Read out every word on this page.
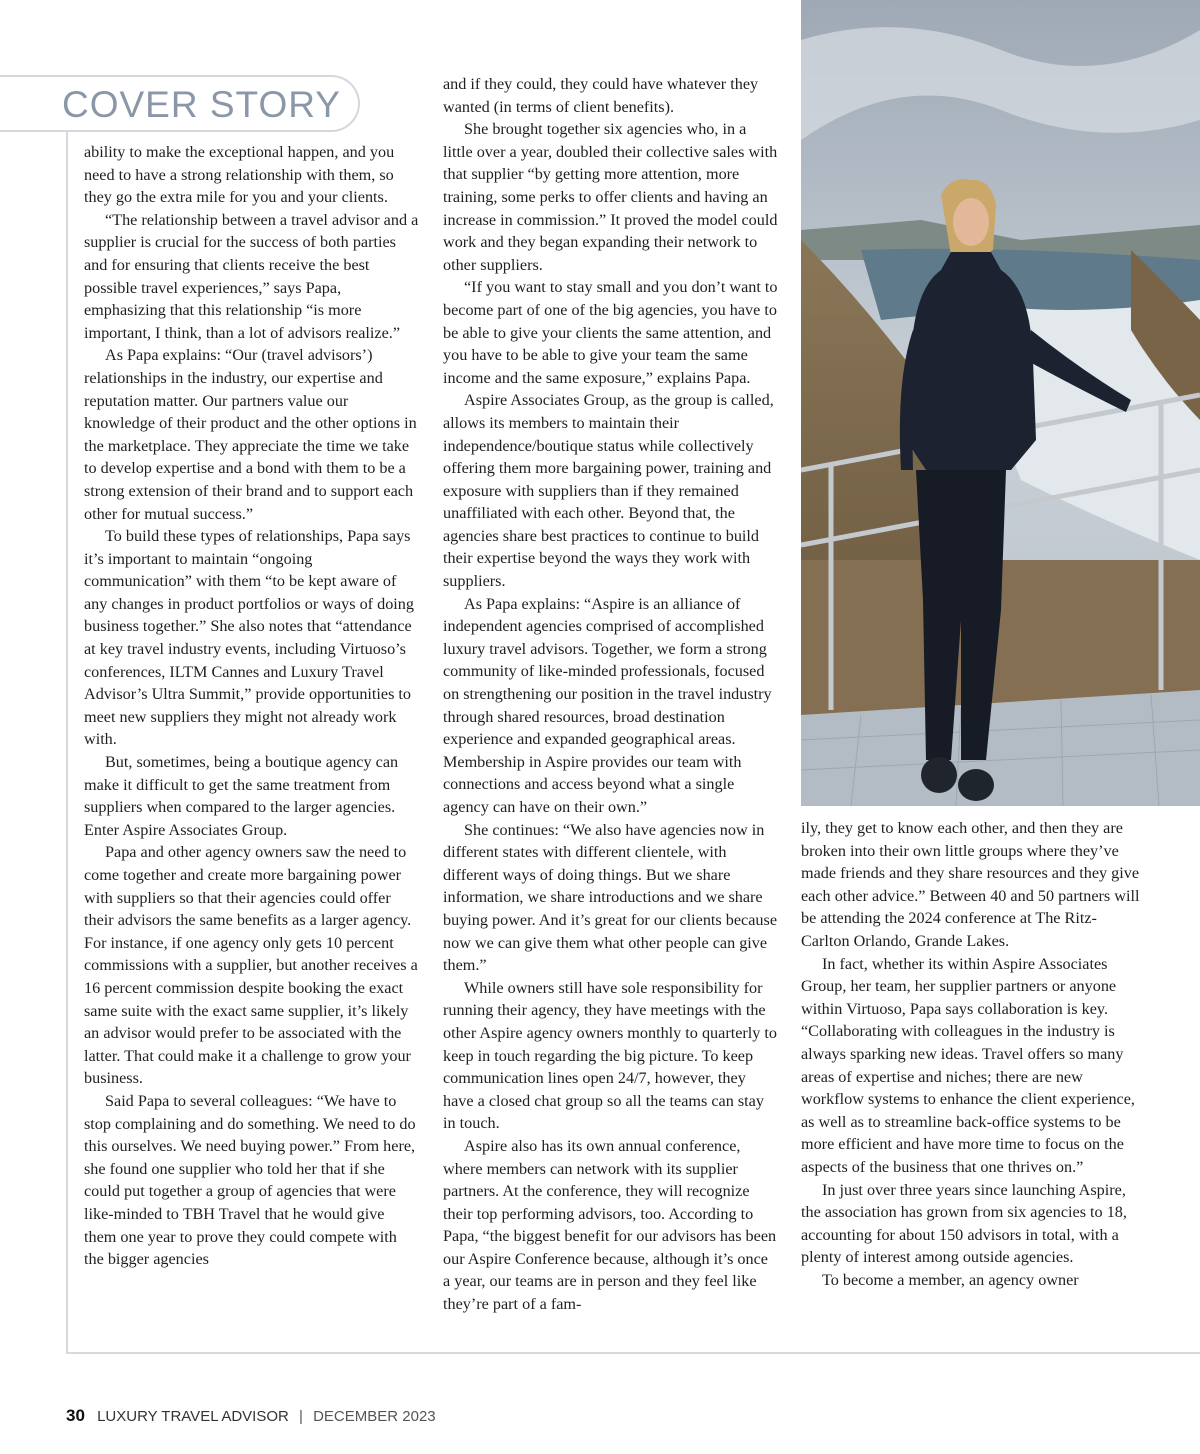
COVER STORY

ability to make the exceptional happen, and you need to have a strong relationship with them, so they go the extra mile for you and your clients.

“The relationship between a travel advisor and a supplier is crucial for the success of both parties and for ensuring that clients receive the best possible travel experiences,” says Papa, emphasizing that this relationship “is more important, I think, than a lot of advisors realize.”

As Papa explains: “Our (travel advisors’) relationships in the industry, our expertise and reputation matter. Our partners value our knowledge of their product and the other options in the marketplace. They appreciate the time we take to develop expertise and a bond with them to be a strong extension of their brand and to support each other for mutual success.”

To build these types of relationships, Papa says it’s important to maintain “ongoing communication” with them “to be kept aware of any changes in product portfolios or ways of doing business together.” She also notes that “attendance at key travel industry events, including Virtuoso’s conferences, ILTM Cannes and Luxury Travel Advisor’s Ultra Summit,” provide opportunities to meet new suppliers they might not already work with.

But, sometimes, being a boutique agency can make it difficult to get the same treatment from suppliers when compared to the larger agencies. Enter Aspire Associates Group.

Papa and other agency owners saw the need to come together and create more bargaining power with suppliers so that their agencies could offer their advisors the same benefits as a larger agency. For instance, if one agency only gets 10 percent commissions with a supplier, but another receives a 16 percent commission despite booking the exact same suite with the exact same supplier, it’s likely an advisor would prefer to be associated with the latter. That could make it a challenge to grow your business.

Said Papa to several colleagues: “We have to stop complaining and do something. We need to do this ourselves. We need buying power.” From here, she found one supplier who told her that if she could put together a group of agencies that were like-minded to TBH Travel that he would give them one year to prove they could compete with the bigger agencies

and if they could, they could have whatever they wanted (in terms of client benefits).

She brought together six agencies who, in a little over a year, doubled their collective sales with that supplier “by getting more attention, more training, some perks to offer clients and having an increase in commission.” It proved the model could work and they began expanding their network to other suppliers.

“If you want to stay small and you don’t want to become part of one of the big agencies, you have to be able to give your clients the same attention, and you have to be able to give your team the same income and the same exposure,” explains Papa.

Aspire Associates Group, as the group is called, allows its members to maintain their independence/boutique status while collectively offering them more bargaining power, training and exposure with suppliers than if they remained unaffiliated with each other. Beyond that, the agencies share best practices to continue to build their expertise beyond the ways they work with suppliers.

As Papa explains: “Aspire is an alliance of independent agencies comprised of accomplished luxury travel advisors. Together, we form a strong community of like-minded professionals, focused on strengthening our position in the travel industry through shared resources, broad destination experience and expanded geographical areas. Membership in Aspire provides our team with connections and access beyond what a single agency can have on their own.”

She continues: “We also have agencies now in different states with different clientele, with different ways of doing things. But we share information, we share introductions and we share buying power. And it’s great for our clients because now we can give them what other people can give them.”

While owners still have sole responsibility for running their agency, they have meetings with the other Aspire agency owners monthly to quarterly to keep in touch regarding the big picture. To keep communication lines open 24/7, however, they have a closed chat group so all the teams can stay in touch.

Aspire also has its own annual conference, where members can network with its supplier partners. At the conference, they will recognize their top performing advisors, too. According to Papa, “the biggest benefit for our advisors has been our Aspire Conference because, although it’s once a year, our teams are in person and they feel like they’re part of a fam-

ily, they get to know each other, and then they are broken into their own little groups where they’ve made friends and they share resources and they give each other advice.” Between 40 and 50 partners will be attending the 2024 conference at The Ritz-Carlton Orlando, Grande Lakes.

In fact, whether its within Aspire Associates Group, her team, her supplier partners or anyone within Virtuoso, Papa says collaboration is key. “Collaborating with colleagues in the industry is always sparking new ideas. Travel offers so many areas of expertise and niches; there are new workflow systems to enhance the client experience, as well as to streamline back-office systems to be more efficient and have more time to focus on the aspects of the business that one thrives on.”

In just over three years since launching Aspire, the association has grown from six agencies to 18, accounting for about 150 advisors in total, with a plenty of interest among outside agencies.

To become a member, an agency owner

30 LUXURY TRAVEL ADVISOR | DECEMBER 2023
